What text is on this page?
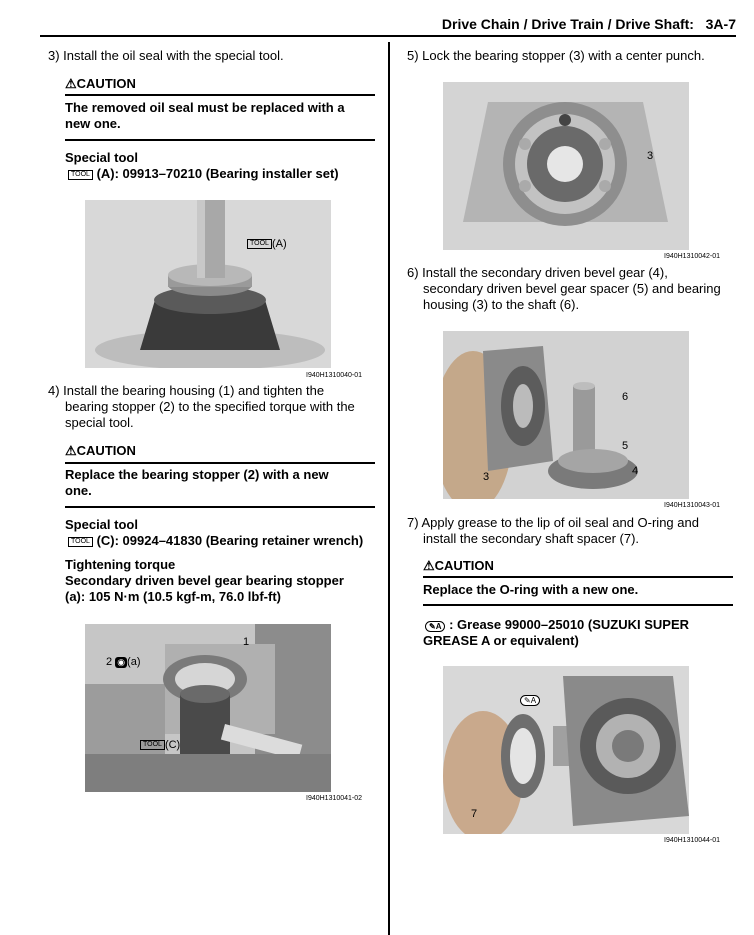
Drive Chain / Drive Train / Drive Shaft: 3A-7
3) Install the oil seal with the special tool.
⚠CAUTION
The removed oil seal must be replaced with a
new one.
Special tool
TOOL (A): 09913–70210 (Bearing installer set)
TOOL (A)
I940H1310040-01
4) Install the bearing housing (1) and tighten the
bearing stopper (2) to the specified torque with the
special tool.
⚠CAUTION
Replace the bearing stopper (2) with a new
one.
Special tool
TOOL (C): 09924–41830 (Bearing retainer wrench)
Tightening torque
Secondary driven bevel gear bearing stopper
(a): 105 N·m (10.5 kgf-m, 76.0 lbf-ft)
1
2 ◉ (a)
TOOL (C)
I940H1310041-02
5) Lock the bearing stopper (3) with a center punch.
3
I940H1310042-01
6) Install the secondary driven bevel gear (4),
secondary driven bevel gear spacer (5) and bearing
housing (3) to the shaft (6).
6
5
4
3
I940H1310043-01
7) Apply grease to the lip of oil seal and O-ring and
install the secondary shaft spacer (7).
⚠CAUTION
Replace the O-ring with a new one.
✎A : Grease 99000–25010 (SUZUKI SUPER
GREASE A or equivalent)
✎A
7
I940H1310044-01
